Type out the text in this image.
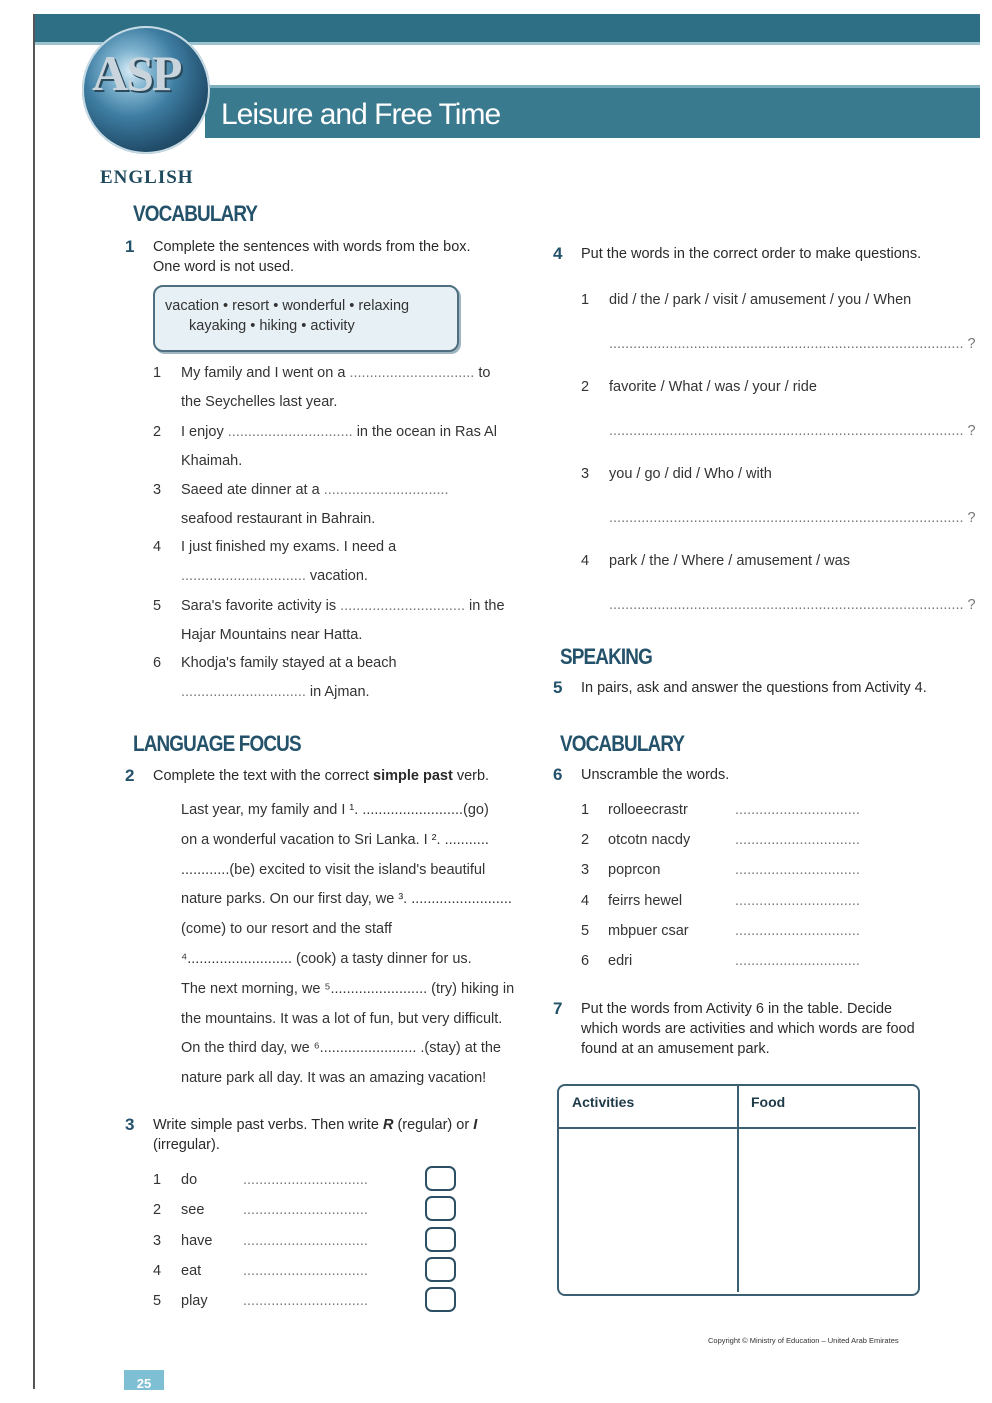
ASP Review
Leisure and Free Time
ENGLISH
VOCABULARY
1 Complete the sentences with words from the box.
One word is not used.
vacation • resort • wonderful • relaxing
kayaking • hiking • activity
1 My family and I went on a ............................... to
the Seychelles last year.
2 I enjoy ............................... in the ocean in Ras Al
Khaimah.
3 Saeed ate dinner at a ...............................
seafood restaurant in Bahrain.
4 I just finished my exams. I need a
............................... vacation.
5 Sara's favorite activity is ............................... in the
Hajar Mountains near Hatta.
6 Khodja's family stayed at a beach
............................... in Ajman.
LANGUAGE FOCUS
2 Complete the text with the correct simple past verb.
Last year, my family and I ¹. .........................(go)
on a wonderful vacation to Sri Lanka. I ². ...........
............(be) excited to visit the island's beautiful
nature parks. On our first day, we ³. .........................
(come) to our resort and the staff
⁴.......................... (cook) a tasty dinner for us.
The next morning, we ⁵........................ (try) hiking in
the mountains. It was a lot of fun, but very difficult.
On the third day, we ⁶........................ .(stay) at the
nature park all day. It was an amazing vacation!
3 Write simple past verbs. Then write R (regular) or I
(irregular).
1 do	...............................
2 see	...............................
3 have ...............................
4 eat	...............................
5 play ...............................
4 Put the words in the correct order to make questions.
1 did / the / park / visit / amusement / you / When
........................................................................................ ?
2 favorite / What / was / your / ride
........................................................................................ ?
3 you / go / did / Who / with
........................................................................................ ?
4 park / the / Where / amusement / was
........................................................................................ ?
SPEAKING
5 In pairs, ask and answer the questions from Activity 4.
VOCABULARY
6 Unscramble the words.
1 rolloeecrastr	...............................
2 otcotn nacdy	...............................
3 poprcon	...............................
4 feirrs hewel	...............................
5 mbpuer csar	...............................
6 edri	...............................
7 Put the words from Activity 6 in the table. Decide
which words are activities and which words are food
found at an amusement park.
Activities	Food
Copyright © Ministry of Education – United Arab Emirates
25
